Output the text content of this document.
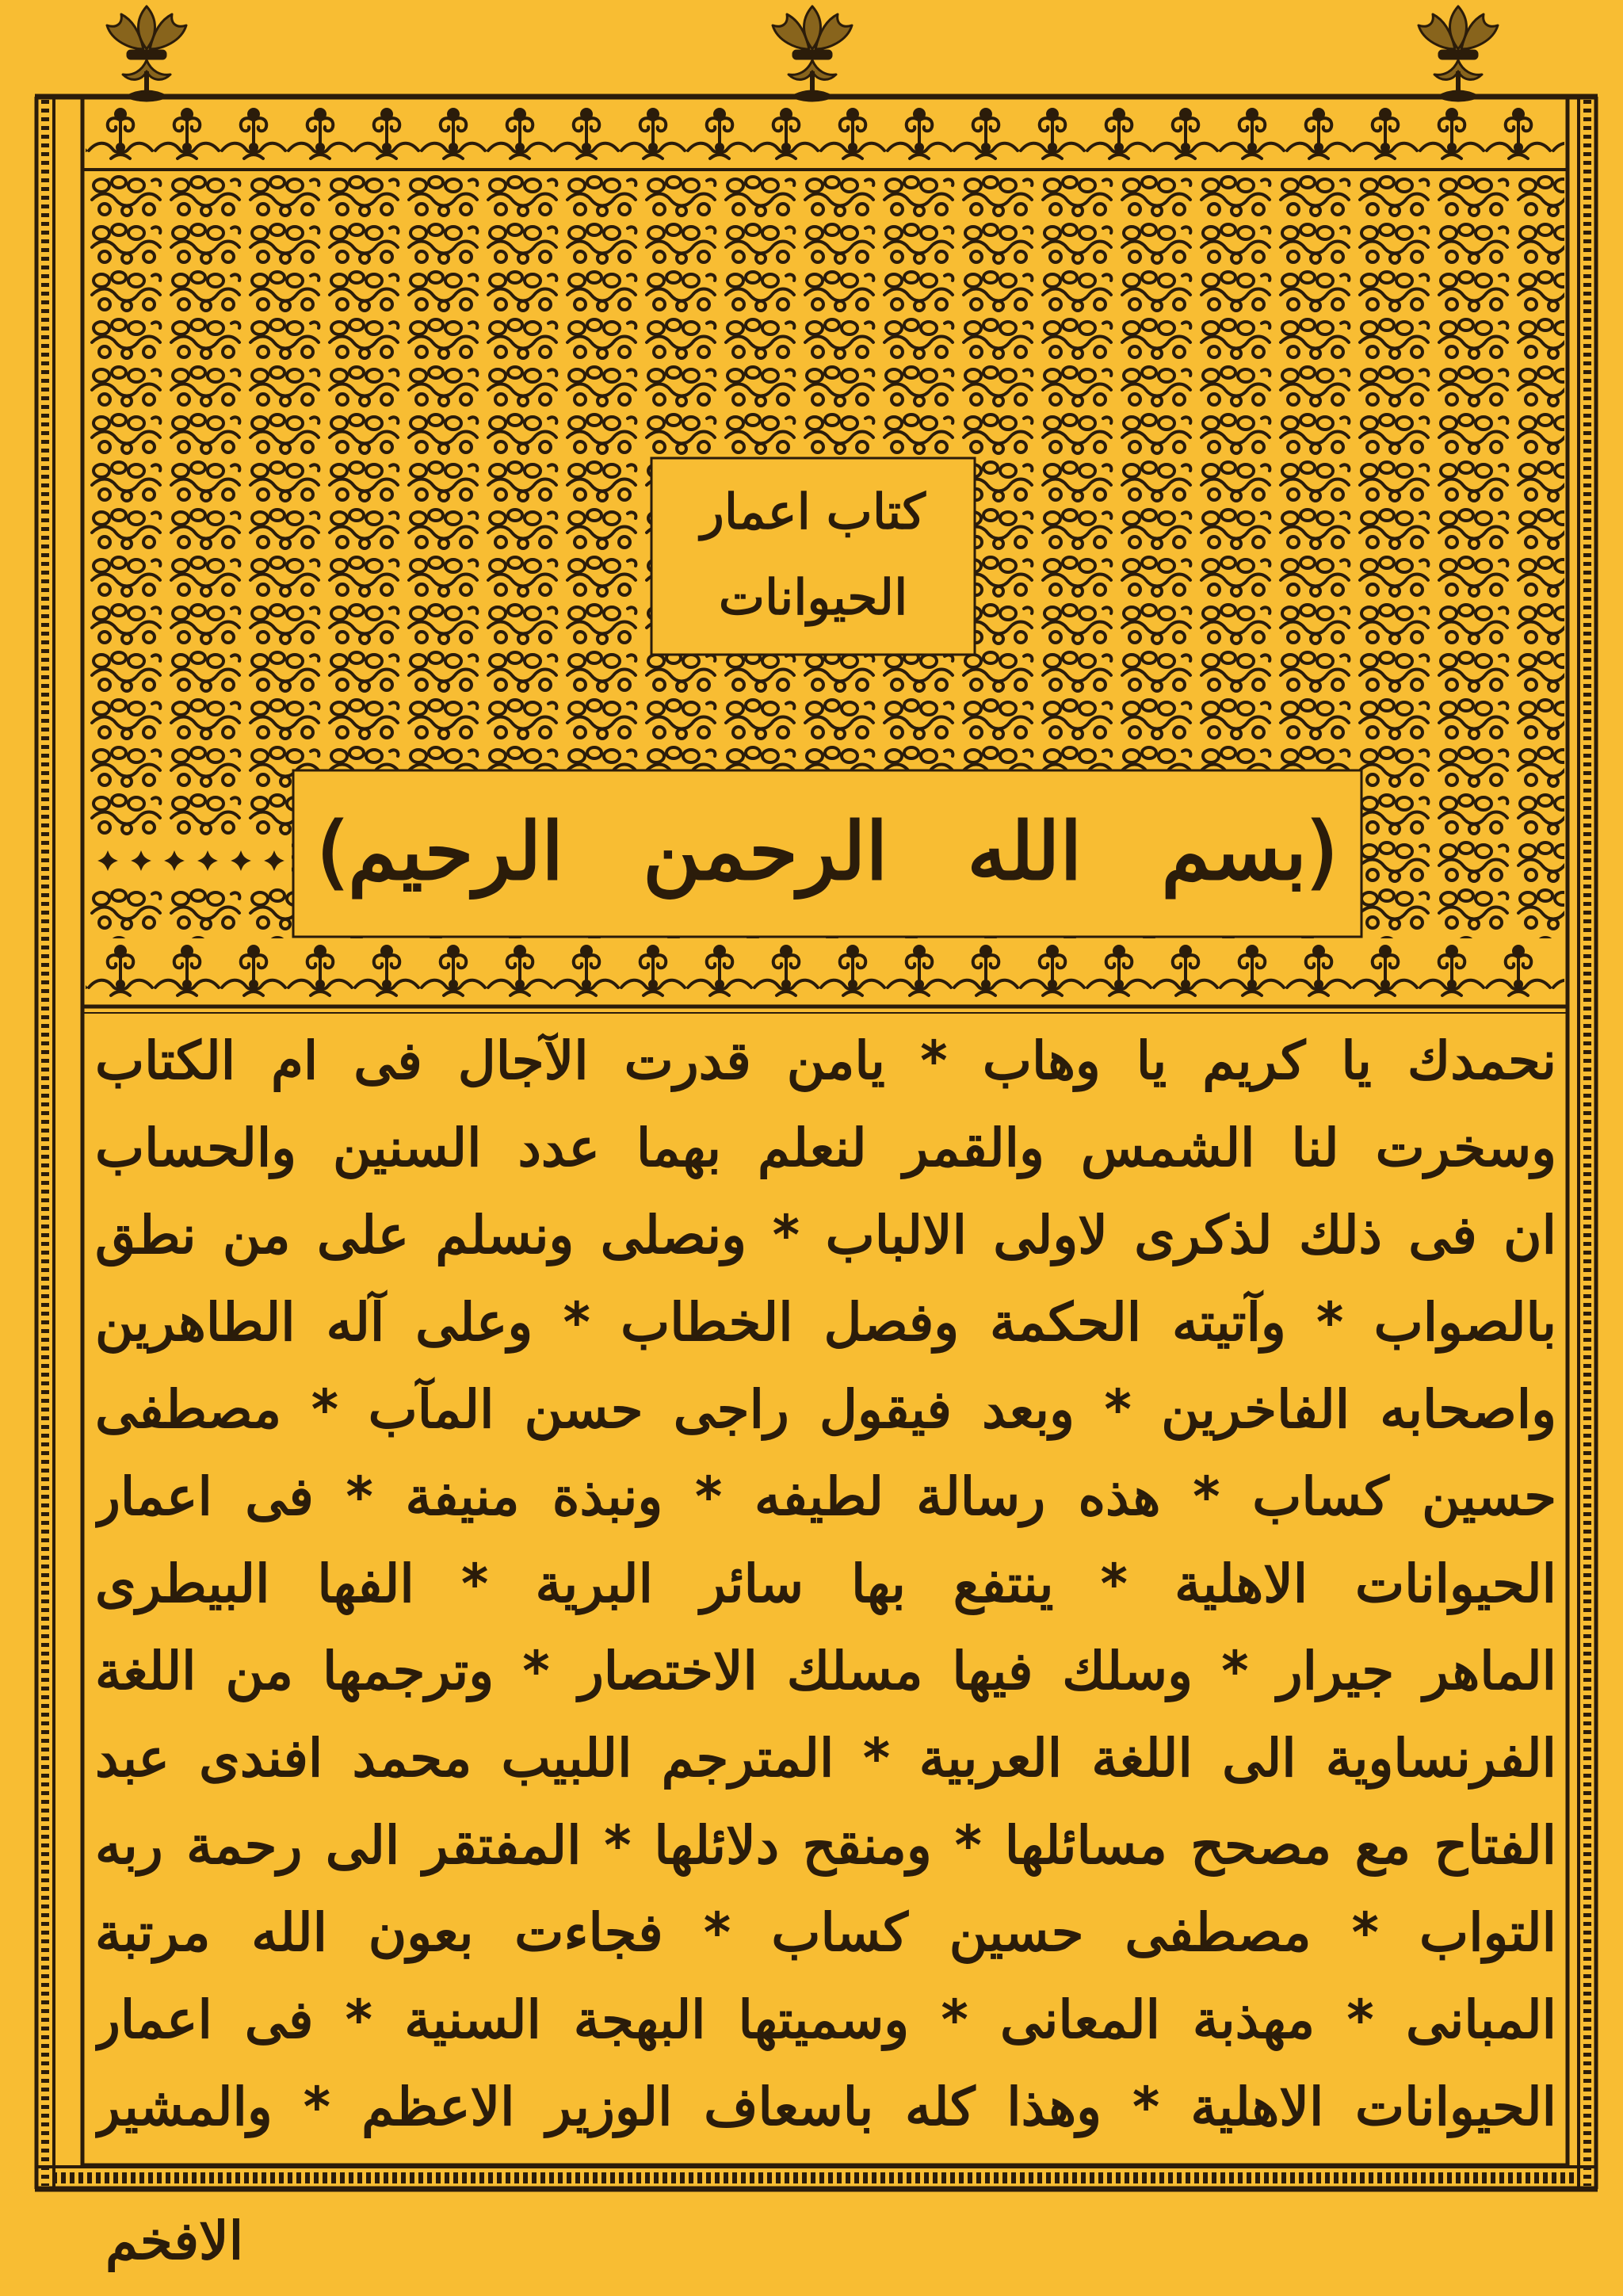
كتاب اعمار
الحيوانات
(بسم الله الرحمن الرحيم)
نحمدك يا كريم يا وهاب * يامن قدرت الآجال فى ام الكتاب
وسخرت لنا الشمس والقمر لنعلم بهما عدد السنين والحساب
ان فى ذلك لذكرى لاولى الالباب * ونصلى ونسلم على من نطق
بالصواب * وآتيته الحكمة وفصل الخطاب * وعلى آله الطاهرين
واصحابه الفاخرين * وبعد فيقول راجى حسن المآب * مصطفى
حسين كساب * هذه رسالة لطيفه * ونبذة منيفة * فى اعمار
الحيوانات الاهلية * ينتفع بها سائر البرية * الفها البيطرى
الماهر جيرار * وسلك فيها مسلك الاختصار * وترجمها من اللغة
الفرنساوية الى اللغة العربية * المترجم اللبيب محمد افندى عبد
الفتاح مع مصحح مسائلها * ومنقح دلائلها * المفتقر الى رحمة ربه
التواب * مصطفى حسين كساب * فجاءت بعون الله مرتبة
المبانى * مهذبة المعانى * وسميتها البهجة السنية * فى اعمار
الحيوانات الاهلية * وهذا كله باسعاف الوزير الاعظم * والمشير
الافخم
